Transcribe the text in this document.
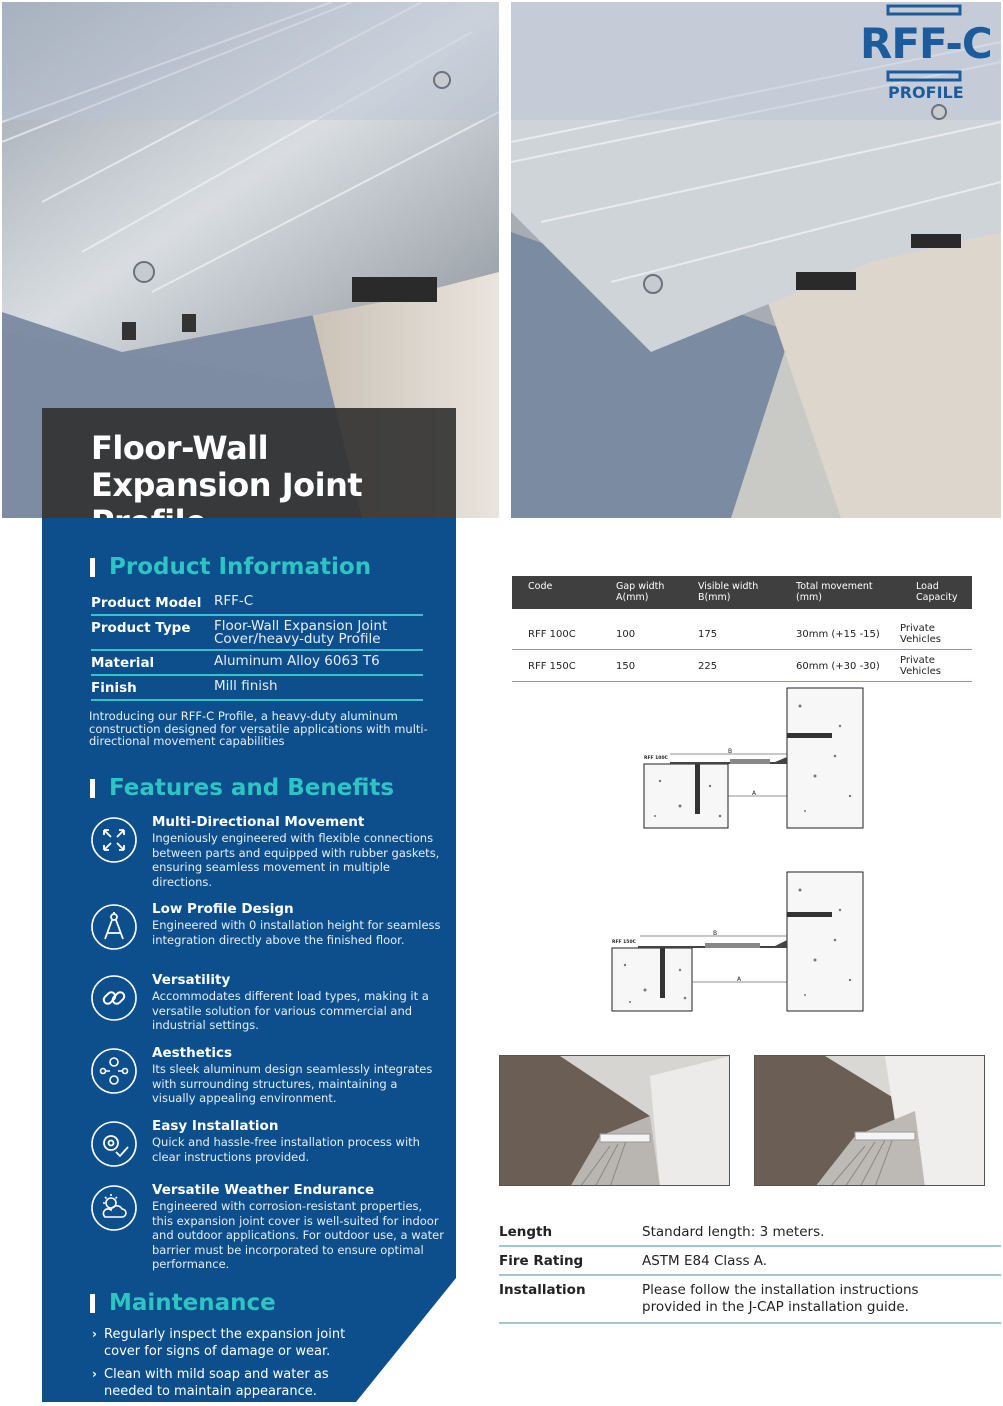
RFF-C
PROFILE
Floor-Wall Expansion Joint
Product Information
Product Model RFF-C
Product Type	Floor-Wall Expansion Joint Cover/heavy-duty Profile
Material	Aluminum Alloy 6063 T6
Finish	Mill finish
Introducing our RFF-C Profile, a heavy-duty aluminum construction designed for versatile applications with multi-directional movement capabilities
Features and Benefits
Multi-Directional Movement
Ingeniously engineered with flexible connections between parts and equipped with rubber gaskets, ensuring seamless movement in multiple directions.
Low Profile Design
Engineered with 0 installation height for seamless integration directly above the finished floor.
Versatility
Accommodates different load types, making it a versatile solution for various commercial and industrial settings.
Aesthetics
Its sleek aluminum design seamlessly integrates with surrounding structures, maintaining a visually appealing environment.
Easy Installation
Quick and hassle-free installation process with clear instructions provided.
Versatile Weather Endurance
Engineered with corrosion-resistant properties, this expansion joint cover is well-suited for indoor and outdoor applications. For outdoor use, a water barrier must be incorporated to ensure optimal performance.
Maintenance
› Regularly inspect the expansion joint cover for signs of damage or wear.
› Clean with mild soap and water as needed to maintain appearance.
Code	Gap width A(mm)	Visible width B(mm)	Total movement (mm)	Load Capacity
RFF 100C	100	175	30mm (+15 -15)	Private Vehicles
RFF 150C	150	225	60mm (+30 -30)	Private Vehicles
RFF 100C
B
A
RFF 150C
B
A
Length	Standard length: 3 meters.
Fire Rating	ASTM E84 Class A.
Installation	Please follow the installation instructions provided in the J-CAP installation guide.
